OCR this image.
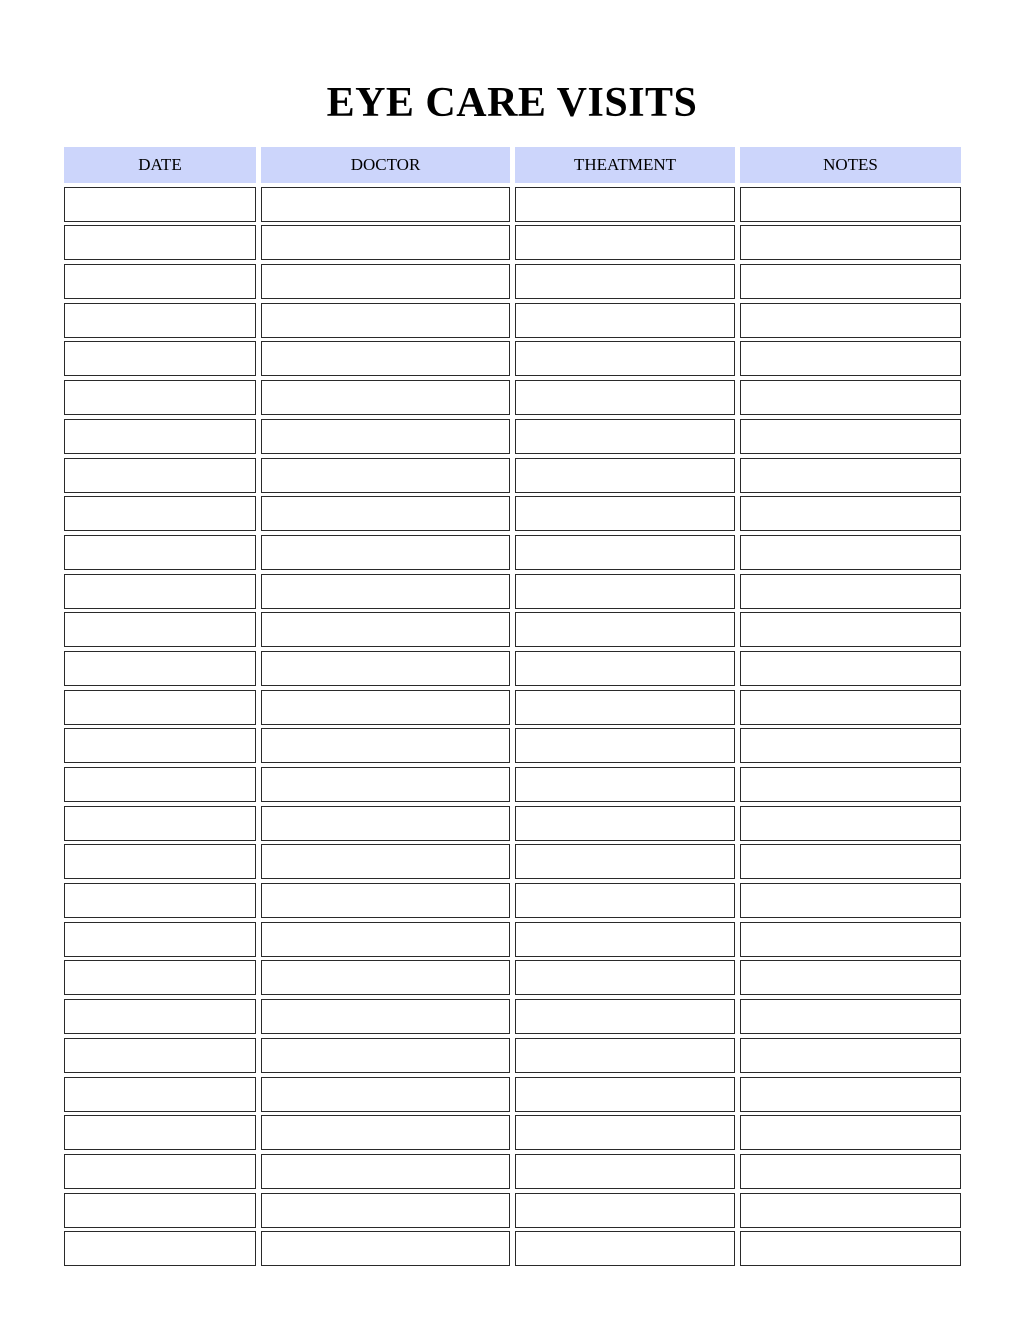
EYE CARE VISITS
DATE	DOCTOR	THEATMENT	NOTES
